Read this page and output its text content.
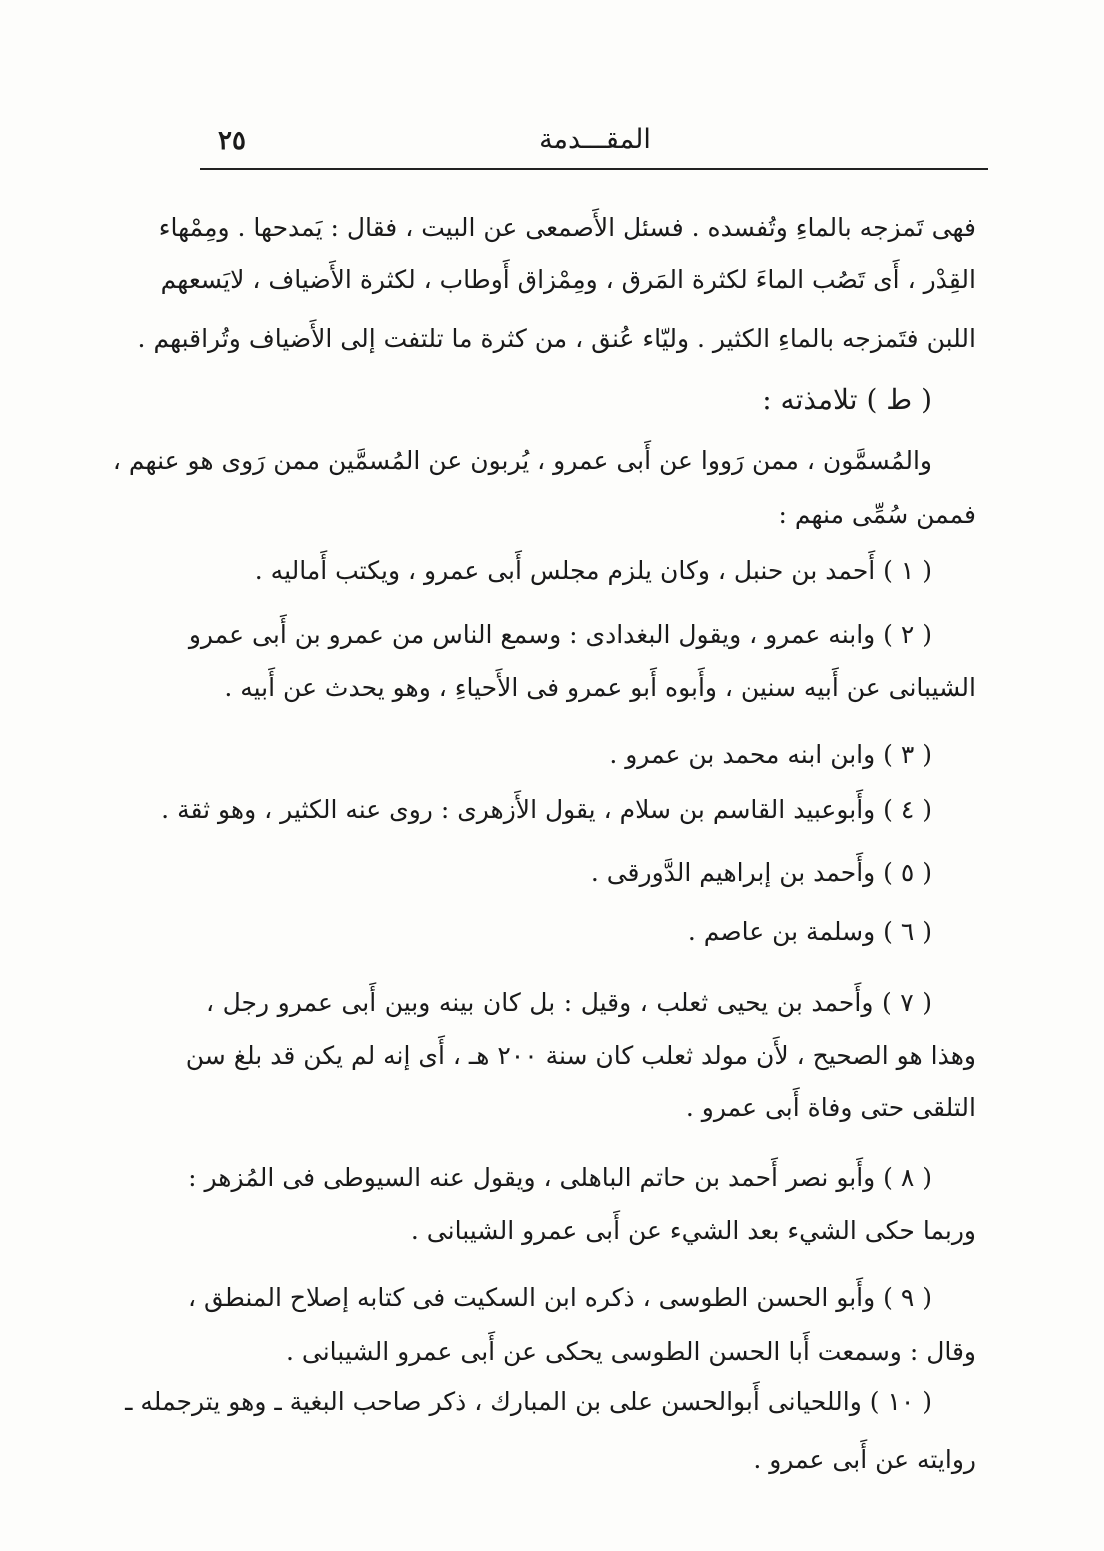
٢٥	المقـــدمة
فهى تَمزجه بالماءِ وتُفسده . فسئل الأَصمعى عن البيت ، فقال : يَمدحها . ومِمْهاء
القِدْر ، أَى تَصُب الماءَ لكثرة المَرق ، ومِمْزاق أَوطاب ، لكثرة الأَضياف ، لايَسعهم
اللبن فتَمزجه بالماءِ الكثير . وليّاء عُنق ، من كثرة ما تلتفت إلى الأَضياف وتُراقبهم .
( ط ) تلامذته :
والمُسمَّون ، ممن رَووا عن أَبى عمرو ، يُربون عن المُسمَّين ممن رَوى هو عنهم ،
فممن سُمِّى منهم :
( ١ ) أَحمد بن حنبل ، وكان يلزم مجلس أَبى عمرو ، ويكتب أَماليه .
( ٢ ) وابنه عمرو ، ويقول البغدادى : وسمع الناس من عمرو بن أَبى عمرو
الشيبانى عن أَبيه سنين ، وأَبوه أَبو عمرو فى الأَحياءِ ، وهو يحدث عن أَبيه .
( ٣ ) وابن ابنه محمد بن عمرو .
( ٤ ) وأَبوعبيد القاسم بن سلام ، يقول الأَزهرى : روى عنه الكثير ، وهو ثقة .
( ٥ ) وأَحمد بن إبراهيم الدَّورقى .
( ٦ ) وسلمة بن عاصم .
( ٧ ) وأَحمد بن يحيى ثعلب ، وقيل : بل كان بينه وبين أَبى عمرو رجل ،
وهذا هو الصحيح ، لأَن مولد ثعلب كان سنة ٢٠٠ هـ ، أَى إنه لم يكن قد بلغ سن
التلقى حتى وفاة أَبى عمرو .
( ٨ ) وأَبو نصر أَحمد بن حاتم الباهلى ، ويقول عنه السيوطى فى المُزهر :
وربما حكى الشيء بعد الشيء عن أَبى عمرو الشيبانى .
( ٩ ) وأَبو الحسن الطوسى ، ذكره ابن السكيت فى كتابه إصلاح المنطق ،
وقال : وسمعت أَبا الحسن الطوسى يحكى عن أَبى عمرو الشيبانى .
( ١٠ ) واللحيانى أَبوالحسن على بن المبارك ، ذكر صاحب البغية ـ وهو يترجمله ـ
روايته عن أَبى عمرو .
